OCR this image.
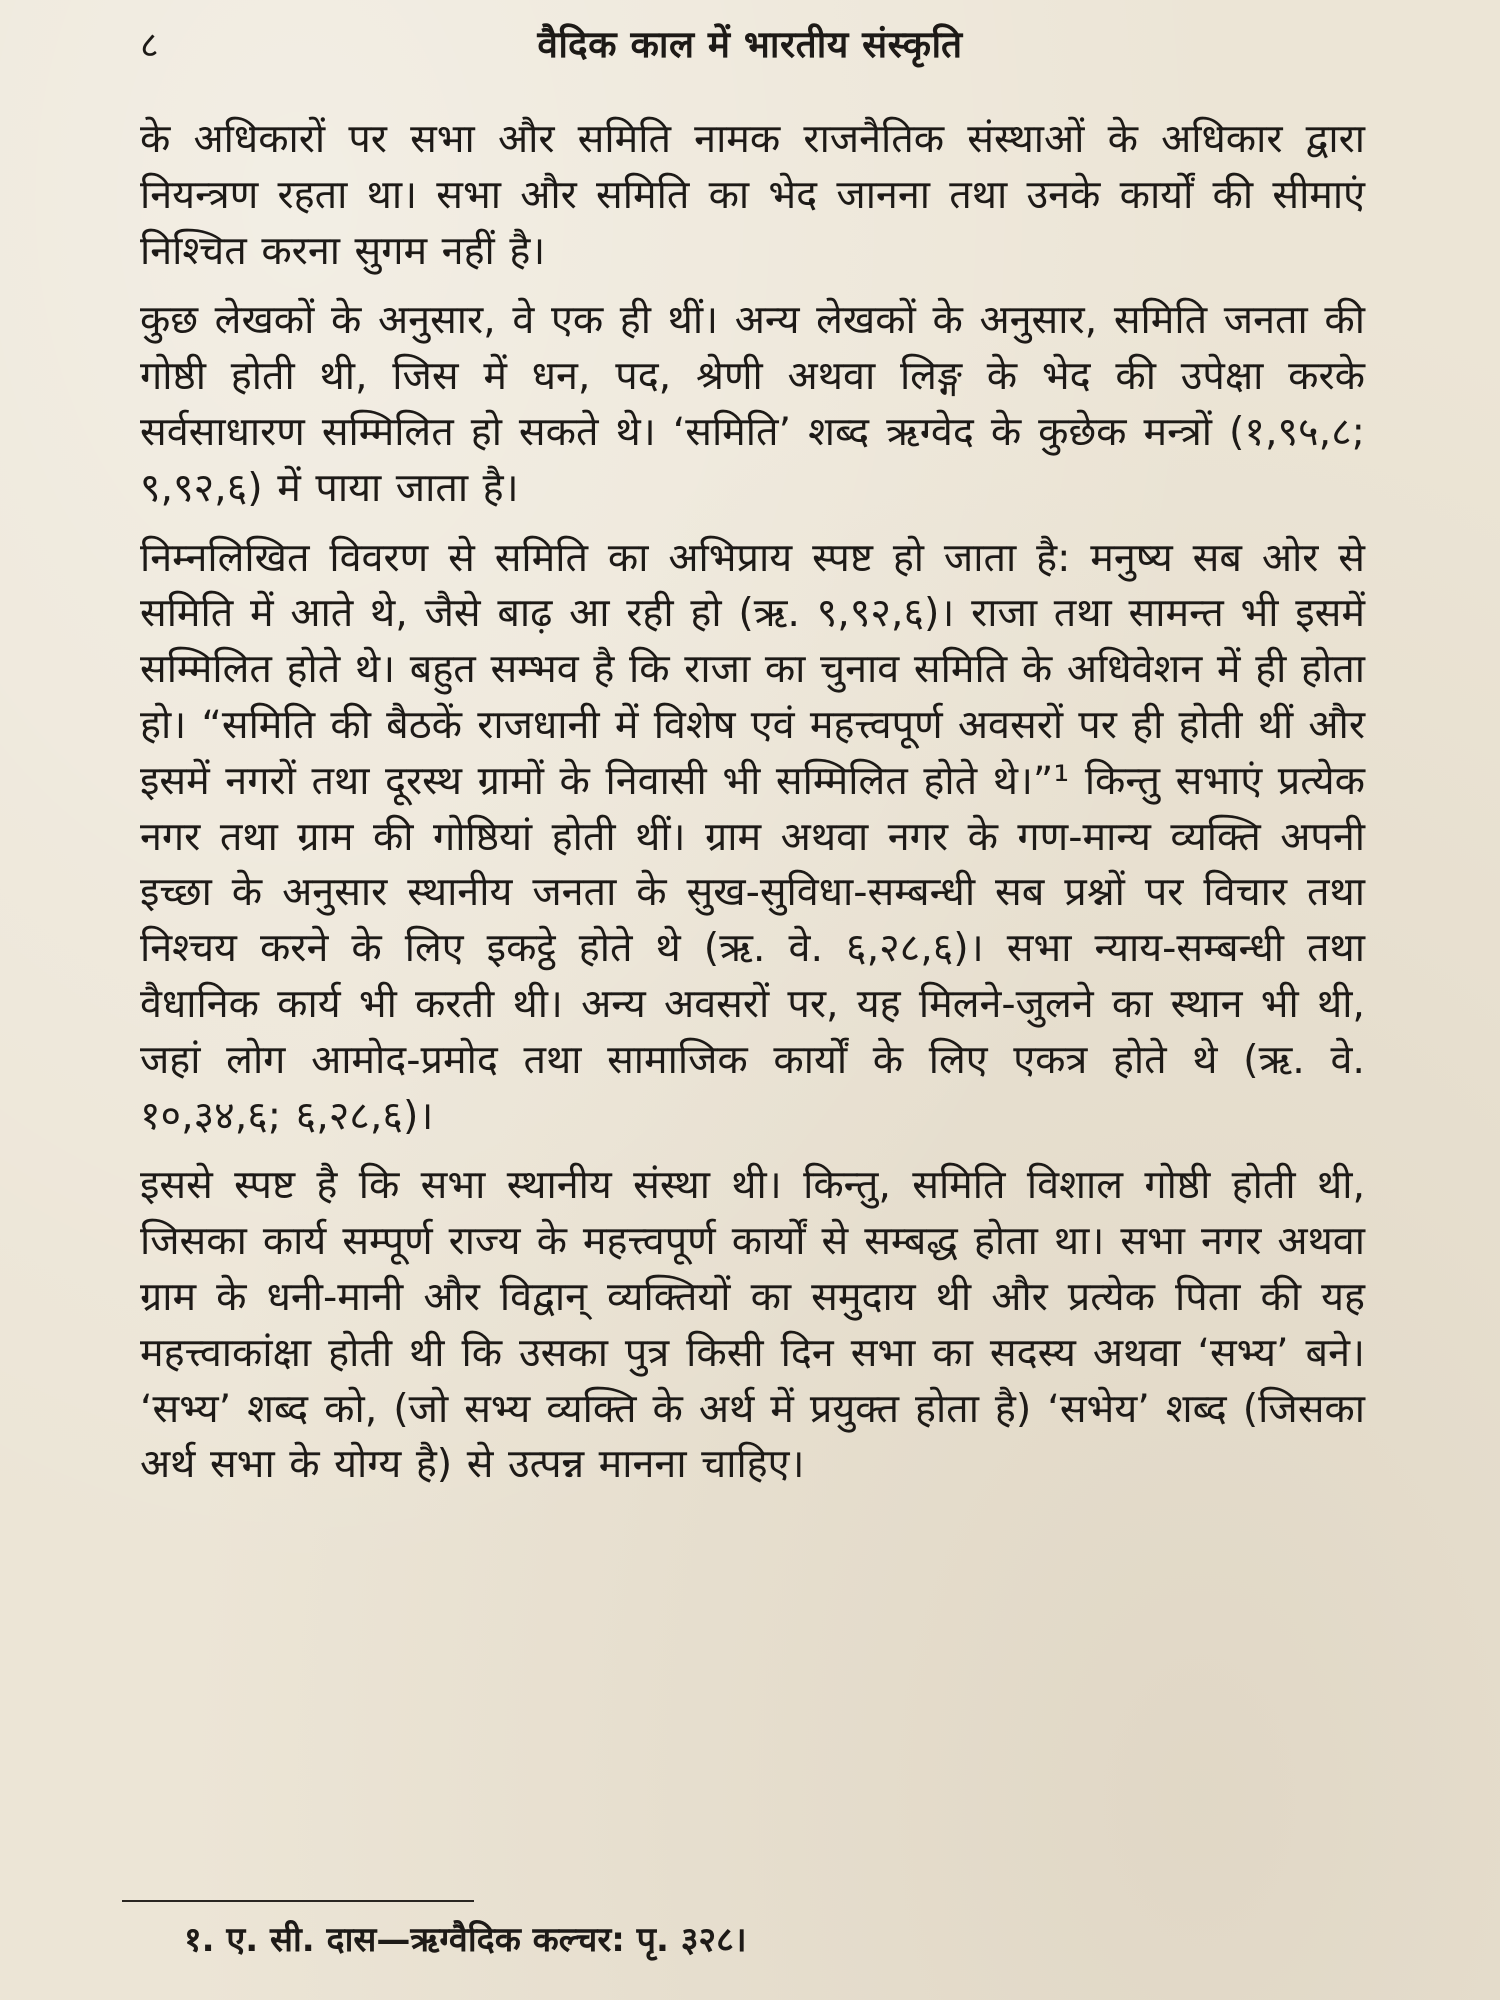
८	वैदिक काल में भारतीय संस्कृति

के अधिकारों पर सभा और समिति नामक राजनैतिक संस्थाओं के अधिकार द्वारा नियन्त्रण रहता था। सभा और समिति का भेद जानना तथा उनके कार्यों की सीमाएं निश्चित करना सुगम नहीं है।

कुछ लेखकों के अनुसार, वे एक ही थीं। अन्य लेखकों के अनुसार, समिति जनता की गोष्ठी होती थी, जिस में धन, पद, श्रेणी अथवा लिङ्ग के भेद की उपेक्षा करके सर्वसाधारण सम्मिलित हो सकते थे। ‘समिति’ शब्द ऋग्वेद के कुछेक मन्त्रों (१,९५,८; ९,९२,६) में पाया जाता है।

निम्नलिखित विवरण से समिति का अभिप्राय स्पष्ट हो जाता है: मनुष्य सब ओर से समिति में आते थे, जैसे बाढ़ आ रही हो (ऋ. ९,९२,६)। राजा तथा सामन्त भी इसमें सम्मिलित होते थे। बहुत सम्भव है कि राजा का चुनाव समिति के अधिवेशन में ही होता हो। “समिति की बैठकें राजधानी में विशेष एवं महत्त्वपूर्ण अवसरों पर ही होती थीं और इसमें नगरों तथा दूरस्थ ग्रामों के निवासी भी सम्मिलित होते थे।”¹ किन्तु सभाएं प्रत्येक नगर तथा ग्राम की गोष्ठियां होती थीं। ग्राम अथवा नगर के गण-मान्य व्यक्ति अपनी इच्छा के अनुसार स्थानीय जनता के सुख-सुविधा-सम्बन्धी सब प्रश्नों पर विचार तथा निश्चय करने के लिए इकट्ठे होते थे (ऋ. वे. ६,२८,६)। सभा न्याय-सम्बन्धी तथा वैधानिक कार्य भी करती थी। अन्य अवसरों पर, यह मिलने-जुलने का स्थान भी थी, जहां लोग आमोद-प्रमोद तथा सामाजिक कार्यों के लिए एकत्र होते थे (ऋ. वे. १०,३४,६; ६,२८,६)।

इससे स्पष्ट है कि सभा स्थानीय संस्था थी। किन्तु, समिति विशाल गोष्ठी होती थी, जिसका कार्य सम्पूर्ण राज्य के महत्त्वपूर्ण कार्यों से सम्बद्ध होता था। सभा नगर अथवा ग्राम के धनी-मानी और विद्वान् व्यक्तियों का समुदाय थी और प्रत्येक पिता की यह महत्त्वाकांक्षा होती थी कि उसका पुत्र किसी दिन सभा का सदस्य अथवा ‘सभ्य’ बने। ‘सभ्य’ शब्द को, (जो सभ्य व्यक्ति के अर्थ में प्रयुक्त होता है) ‘सभेय’ शब्द (जिसका अर्थ सभा के योग्य है) से उत्पन्न मानना चाहिए।

१. ए. सी. दास—ऋग्वैदिक कल्चर: पृ. ३२८।
